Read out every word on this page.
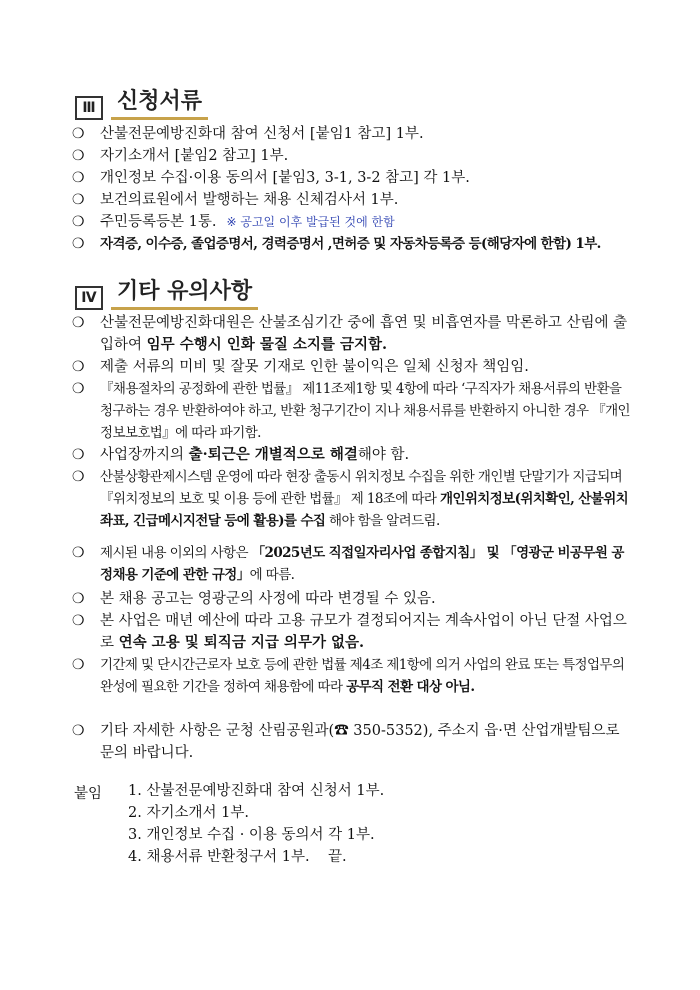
Ⅲ 신청서류
❍	산불전문예방진화대 참여 신청서 [붙임1 참고] 1부.
❍	자기소개서 [붙임2 참고] 1부.
❍	개인정보 수집·이용 동의서 [붙임3, 3-1, 3-2 참고] 각 1부.
❍	보건의료원에서 발행하는 채용 신체검사서 1부.
❍	주민등록등본 1통. ※ 공고일 이후 발급된 것에 한함
❍	자격증, 이수증, 졸업증명서, 경력증명서 ,면허증 및 자동차등록증 등(해당자에 한함) 1부.
Ⅳ 기타 유의사항
❍	산불전문예방진화대원은 산불조심기간 중에 흡연 및 비흡연자를 막론하고 산림에 출입하여 임무 수행시 인화 물질 소지를 금지함.
❍	제출 서류의 미비 및 잘못 기재로 인한 불이익은 일체 신청자 책임임.
❍	『채용절차의 공정화에 관한 법률』 제11조제1항 및 4항에 따라 ‘구직자가 채용서류의 반환을 청구하는 경우 반환하여야 하고, 반환 청구기간이 지나 채용서류를 반환하지 아니한 경우 『개인정보보호법』에 따라 파기함.
❍	사업장까지의 출·퇴근은 개별적으로 해결해야 함.
❍	산불상황관제시스템 운영에 따라 현장 출동시 위치정보 수집을 위한 개인별 단말기가 지급되며 『위치정보의 보호 및 이용 등에 관한 법률』 제 18조에 따라 개인위치정보(위치확인, 산불위치좌표, 긴급메시지전달 등에 활용)를 수집 해야 함을 알려드림.
❍	제시된 내용 이외의 사항은 「2025년도 직접일자리사업 종합지침」 및 「영광군 비공무원 공정채용 기준에 관한 규정」에 따름.
❍	본 채용 공고는 영광군의 사정에 따라 변경될 수 있음.
❍	본 사업은 매년 예산에 따라 고용 규모가 결정되어지는 계속사업이 아닌 단절 사업으로 연속 고용 및 퇴직금 지급 의무가 없음.
❍	기간제 및 단시간근로자 보호 등에 관한 법률 제4조 제1항에 의거 사업의 완료 또는 특정업무의 완성에 필요한 기간을 정하여 채용함에 따라 공무직 전환 대상 아님.
❍	기타 자세한 사항은 군청 산림공원과(☎ 350-5352), 주소지 읍·면 산업개발팀으로 문의 바랍니다.
붙임 1. 산불전문예방진화대 참여 신청서 1부.
2. 자기소개서 1부.
3. 개인정보 수집 · 이용 동의서 각 1부.
4. 채용서류 반환청구서 1부.    끝.
